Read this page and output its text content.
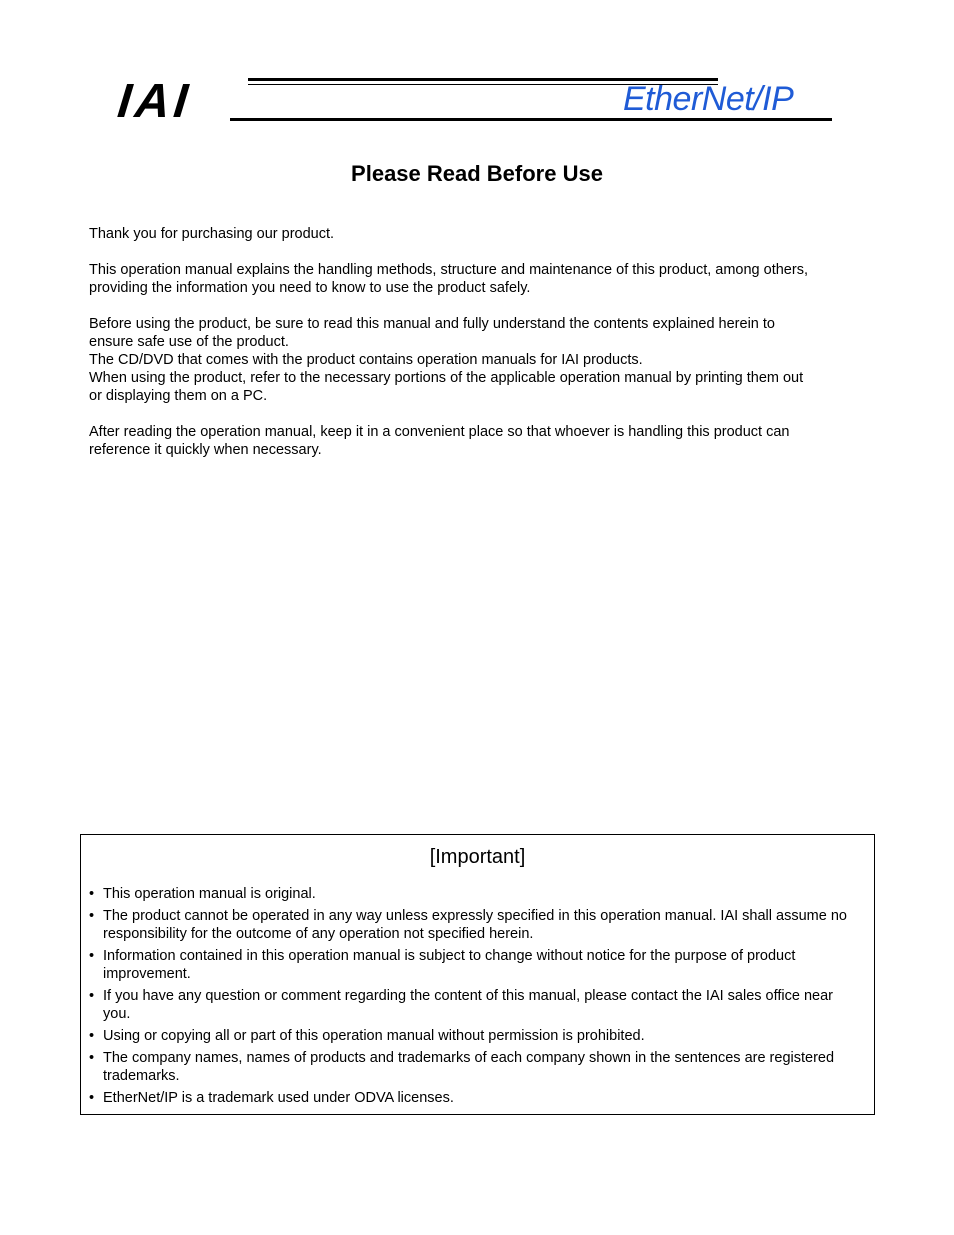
IAI	EtherNet/IP
Please Read Before Use

Thank you for purchasing our product.

This operation manual explains the handling methods, structure and maintenance of this product, among others,
providing the information you need to know to use the product safely.

Before using the product, be sure to read this manual and fully understand the contents explained herein to
ensure safe use of the product.
The CD/DVD that comes with the product contains operation manuals for IAI products.
When using the product, refer to the necessary portions of the applicable operation manual by printing them out
or displaying them on a PC.

After reading the operation manual, keep it in a convenient place so that whoever is handling this product can
reference it quickly when necessary.

[Important]
• This operation manual is original.
• The product cannot be operated in any way unless expressly specified in this operation manual. IAI shall assume no responsibility for the outcome of any operation not specified herein.
• Information contained in this operation manual is subject to change without notice for the purpose of product improvement.
• If you have any question or comment regarding the content of this manual, please contact the IAI sales office near you.
• Using or copying all or part of this operation manual without permission is prohibited.
• The company names, names of products and trademarks of each company shown in the sentences are registered trademarks.
• EtherNet/IP is a trademark used under ODVA licenses.
